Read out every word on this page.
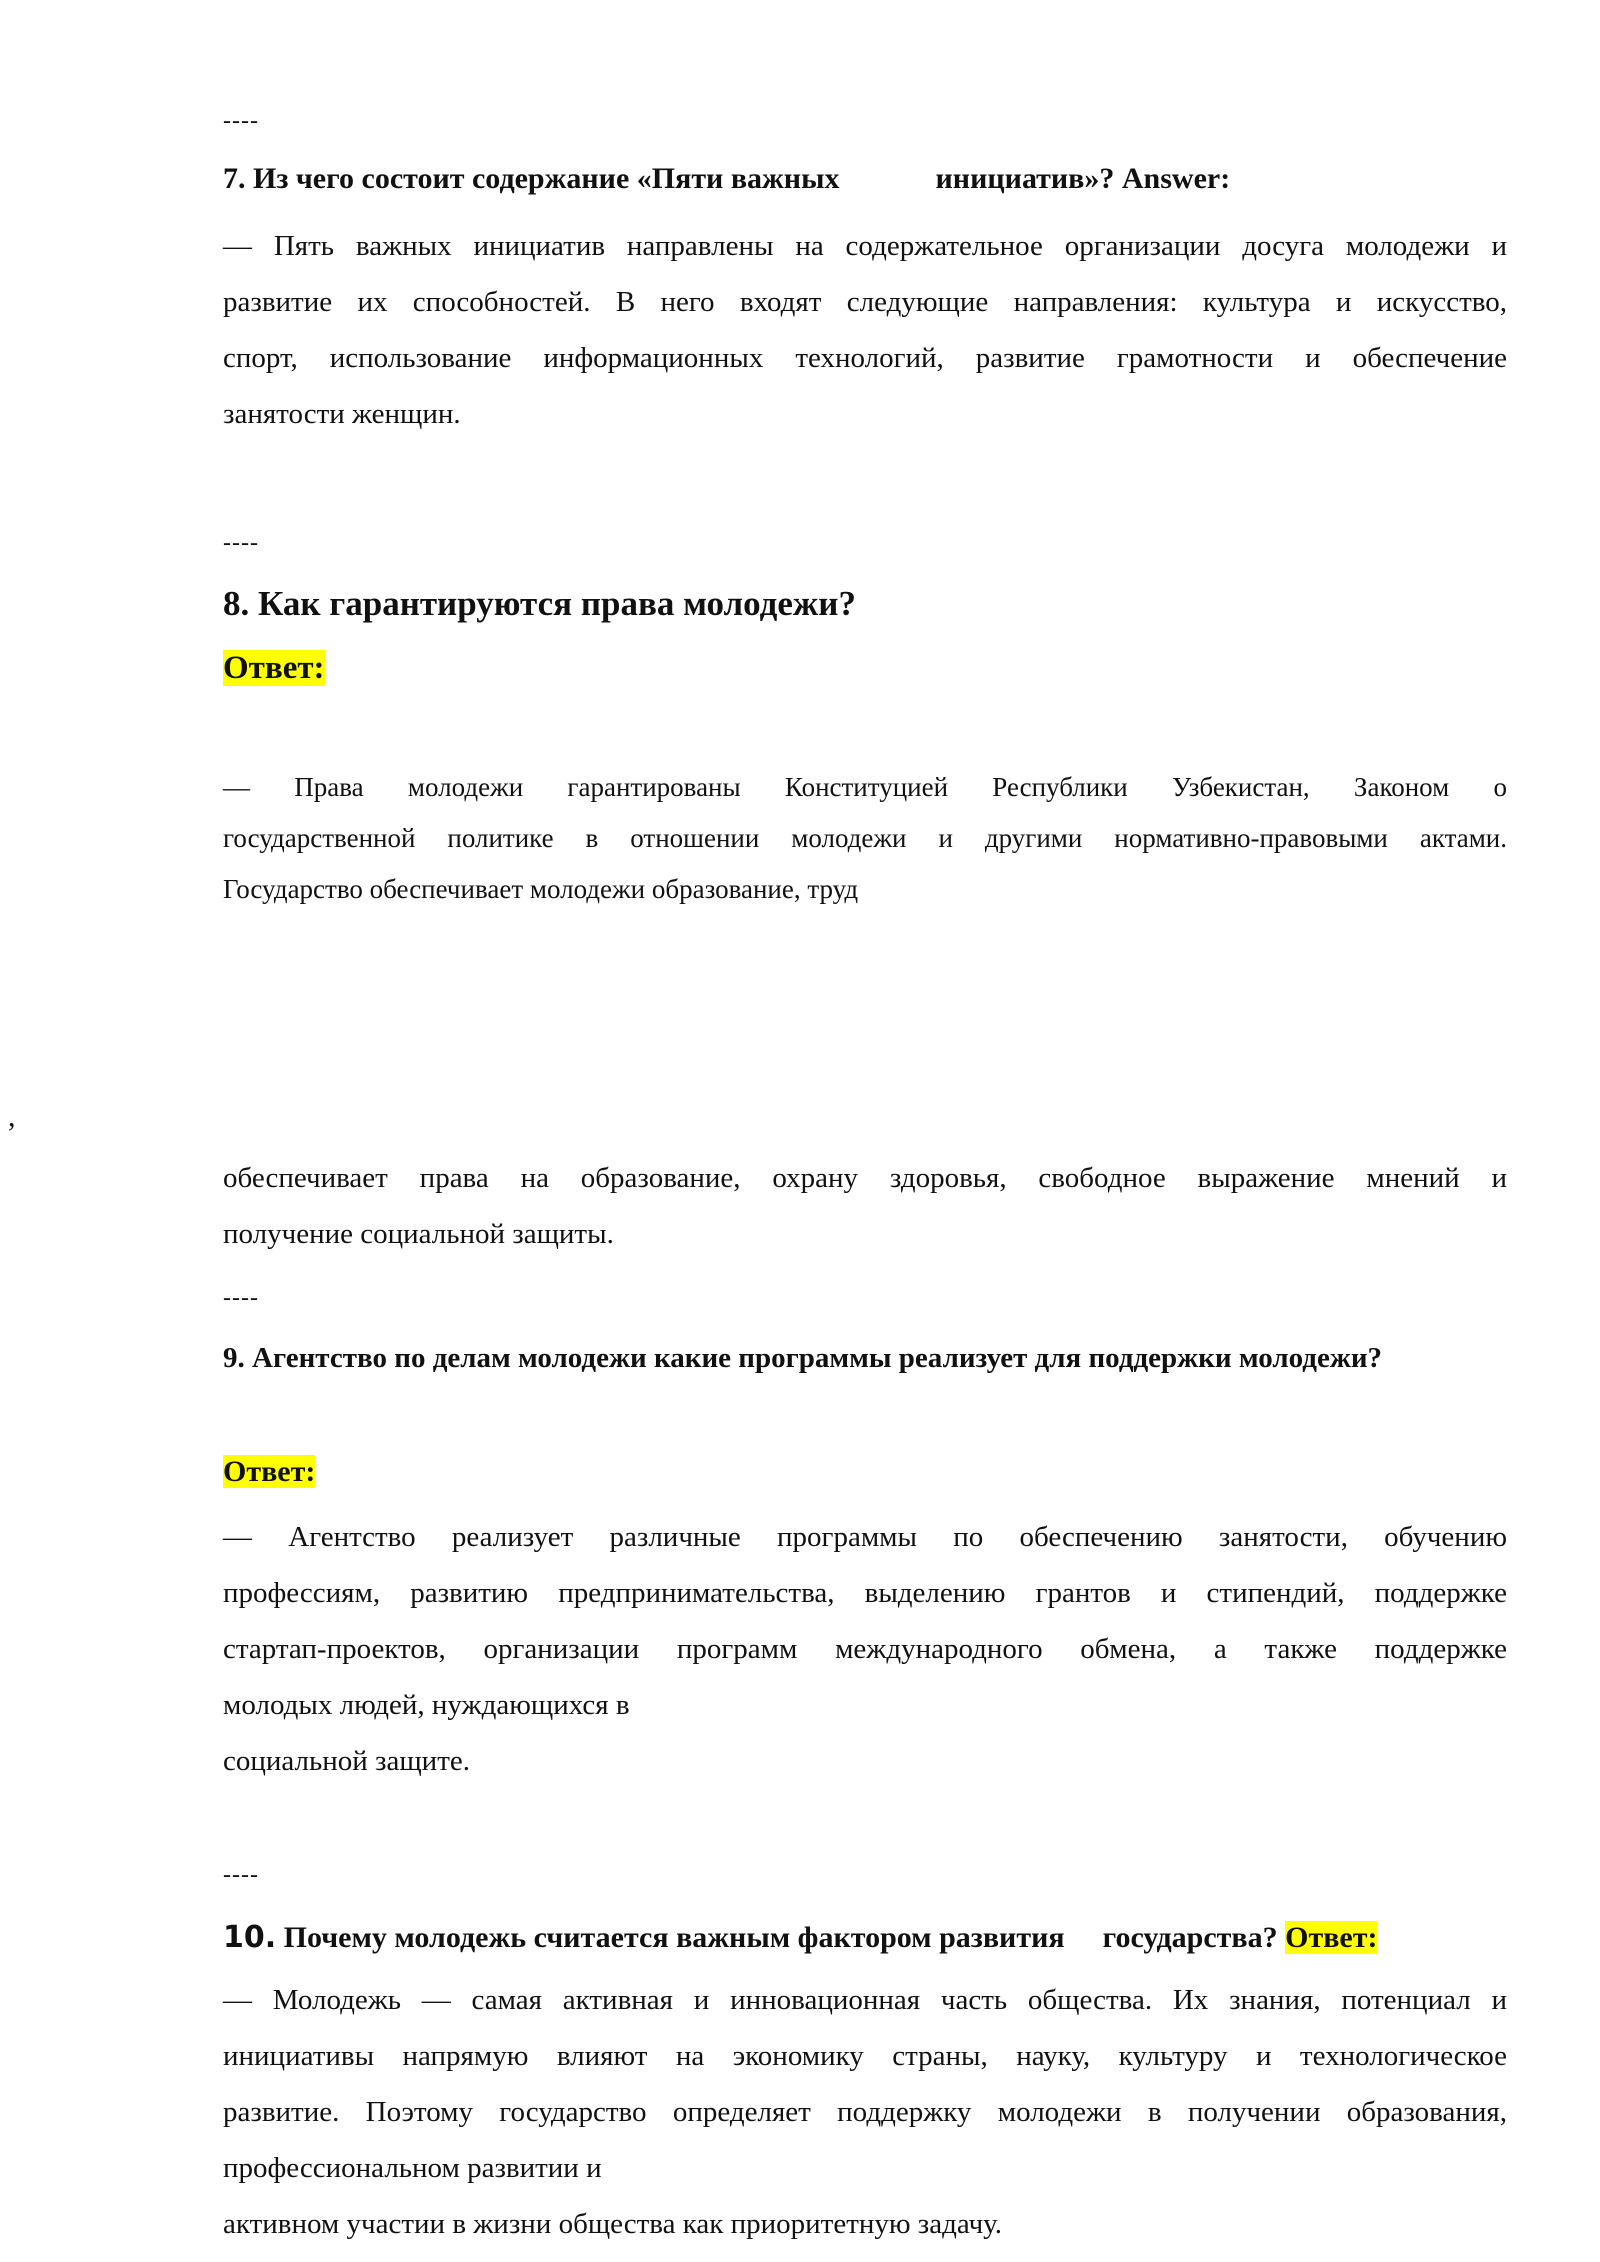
----
7. Из чего состоит содержание «Пяти важных	инициатив»? Answer:
— Пять важных инициатив направлены на содержательное организации досуга молодежи и
развитие их способностей. В него входят следующие направления: культура и искусство,
спорт, использование информационных технологий, развитие грамотности и обеспечение
занятости женщин.
----
8. Как гарантируются права молодежи?
Ответ:
— Права молодежи гарантированы Конституцией Республики Узбекистан, Законом о
государственной политике в отношении молодежи и другими нормативно-правовыми актами.
Государство обеспечивает молодежи образование, труд
,
обеспечивает права на образование, охрану здоровья, свободное выражение мнений и
получение социальной защиты.
----
9. Агентство по делам молодежи какие программы реализует для поддержки молодежи?
Ответ:
— Агентство реализует различные программы по обеспечению занятости, обучению
профессиям, развитию предпринимательства, выделению грантов и стипендий, поддержке
стартап-проектов, организации программ международного обмена, а также поддержке
молодых людей, нуждающихся в
социальной защите.
----
10. Почему молодежь считается важным фактором развития государства? Ответ:
— Молодежь — самая активная и инновационная часть общества. Их знания, потенциал и
инициативы напрямую влияют на экономику страны, науку, культуру и технологическое
развитие. Поэтому государство определяет поддержку молодежи в получении образования,
профессиональном развитии и
активном участии в жизни общества как приоритетную задачу.
